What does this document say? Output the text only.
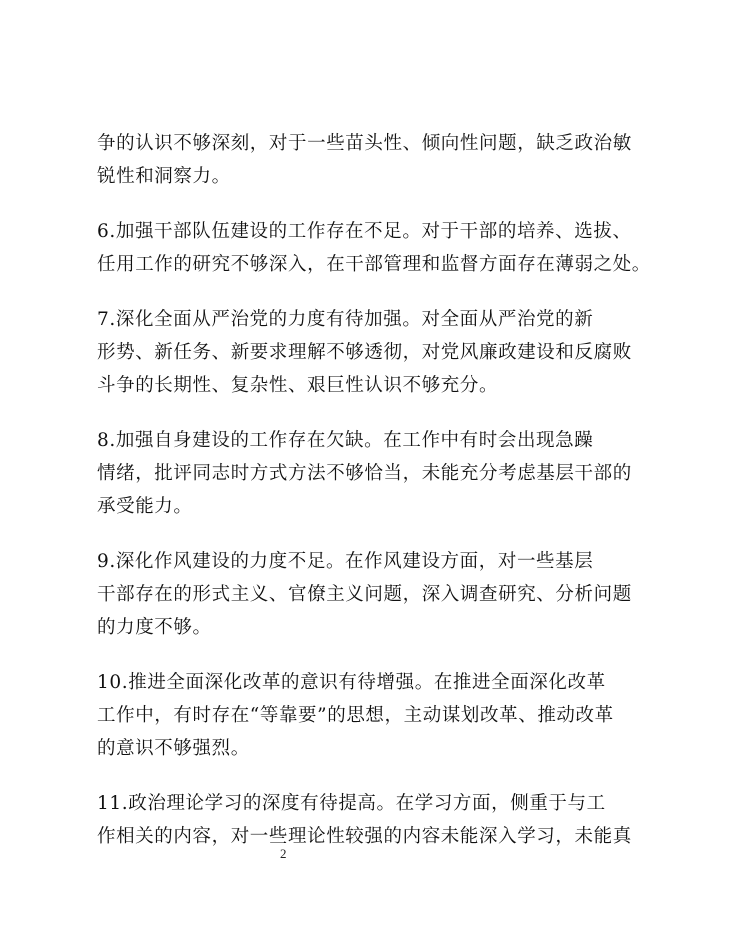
争的认识不够深刻，对于一些苗头性、倾向性问题，缺乏政治敏
锐性和洞察力。

6.加强干部队伍建设的工作存在不足。对于干部的培养、选拔、
任用工作的研究不够深入，在干部管理和监督方面存在薄弱之处。

7.深化全面从严治党的力度有待加强。对全面从严治党的新
形势、新任务、新要求理解不够透彻，对党风廉政建设和反腐败
斗争的长期性、复杂性、艰巨性认识不够充分。

8.加强自身建设的工作存在欠缺。在工作中有时会出现急躁
情绪，批评同志时方式方法不够恰当，未能充分考虑基层干部的
承受能力。

9.深化作风建设的力度不足。在作风建设方面，对一些基层
干部存在的形式主义、官僚主义问题，深入调查研究、分析问题
的力度不够。

10.推进全面深化改革的意识有待增强。在推进全面深化改革
工作中，有时存在“等靠要”的思想，主动谋划改革、推动改革
的意识不够强烈。

11.政治理论学习的深度有待提高。在学习方面，侧重于与工
作相关的内容，对一些理论性较强的内容未能深入学习，未能真

2
